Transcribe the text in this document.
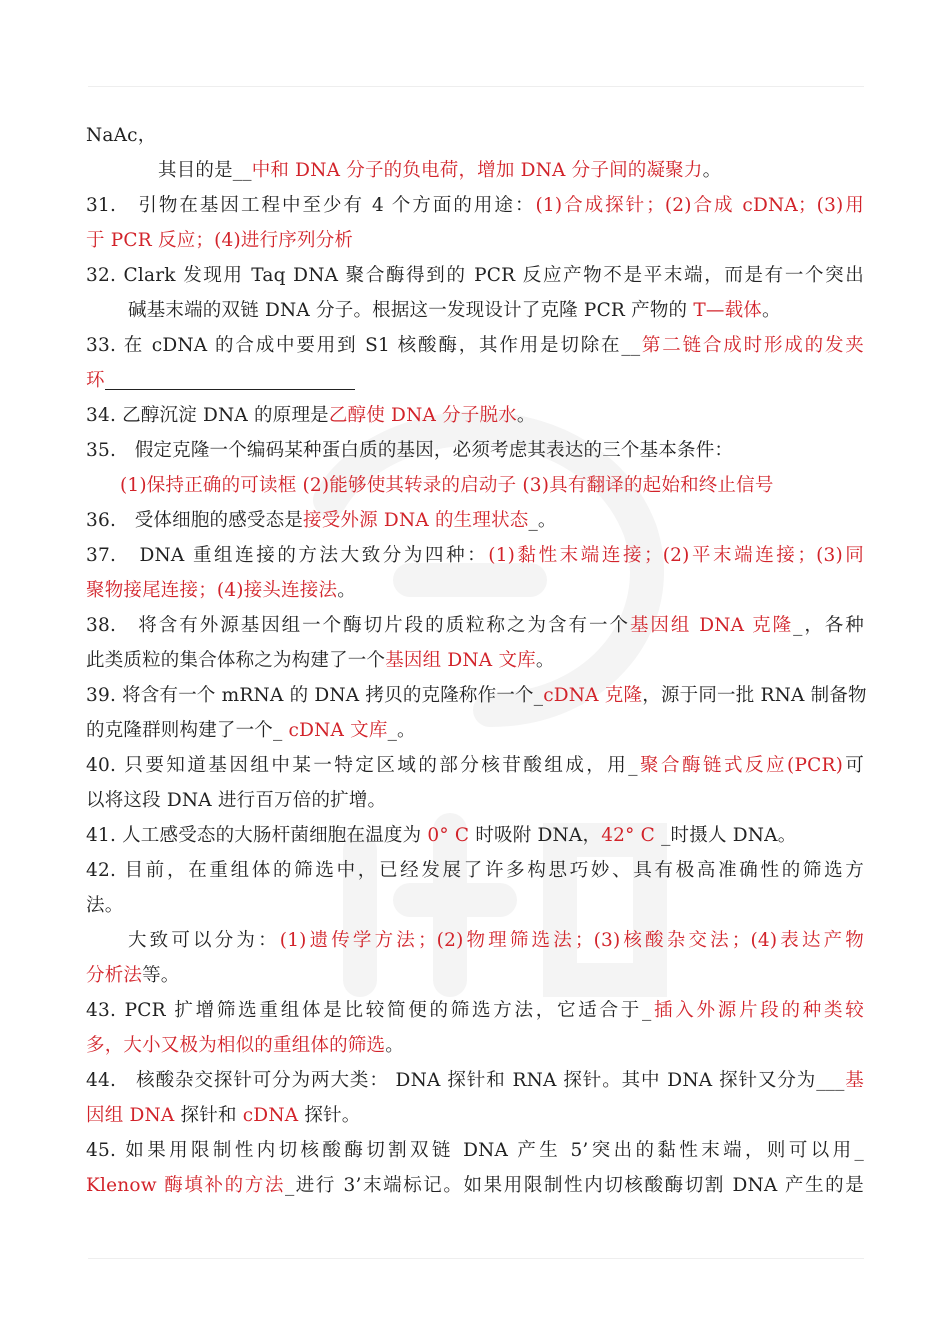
NaAc，
其目的是__中和 DNA 分子的负电荷，增加 DNA 分子间的凝聚力。
31.　引物在基因工程中至少有 4 个方面的用途：(1)合成探针；(2)合成 cDNA；(3)用
于 PCR 反应；(4)进行序列分析
32. Clark 发现用 Taq DNA 聚合酶得到的 PCR 反应产物不是平末端，而是有一个突出
碱基末端的双链 DNA 分子。根据这一发现设计了克隆 PCR 产物的 T—载体。
33. 在 cDNA 的合成中要用到 S1 核酸酶，其作用是切除在__第二链合成时形成的发夹
环
34. 乙醇沉淀 DNA 的原理是乙醇使 DNA 分子脱水。
35.　假定克隆一个编码某种蛋白质的基因，必须考虑其表达的三个基本条件：
(1)保持正确的可读框 (2)能够使其转录的启动子 (3)具有翻译的起始和终止信号
36.　受体细胞的感受态是接受外源 DNA 的生理状态_。
37.　DNA 重组连接的方法大致分为四种：(1)黏性末端连接；(2)平末端连接；(3)同
聚物接尾连接；(4)接头连接法。
38.　将含有外源基因组一个酶切片段的质粒称之为含有一个基因组 DNA 克隆_，各种
此类质粒的集合体称之为构建了一个基因组 DNA 文库。
39. 将含有一个 mRNA 的 DNA 拷贝的克隆称作一个_cDNA 克隆，源于同一批 RNA 制备物
的克隆群则构建了一个_ cDNA 文库_。
40. 只要知道基因组中某一特定区域的部分核苷酸组成，用_聚合酶链式反应(PCR)可
以将这段 DNA 进行百万倍的扩增。
41. 人工感受态的大肠杆菌细胞在温度为 0° C 时吸附 DNA，42° C _时摄人 DNA。
42. 目前，在重组体的筛选中，已经发展了许多构思巧妙、具有极高准确性的筛选方
法。
大致可以分为：(1)遗传学方法；(2)物理筛选法；(3)核酸杂交法；(4)表达产物
分析法等。
43. PCR 扩增筛选重组体是比较简便的筛选方法，它适合于_插入外源片段的种类较
多，大小又极为相似的重组体的筛选。
44.　核酸杂交探针可分为两大类： DNA 探针和 RNA 探针。其中 DNA 探针又分为___基
因组 DNA 探针和 cDNA 探针。
45. 如果用限制性内切核酸酶切割双链 DNA 产生 5’突出的黏性末端，则可以用_
Klenow 酶填补的方法_进行 3’末端标记。如果用限制性内切核酸酶切割 DNA 产生的是
